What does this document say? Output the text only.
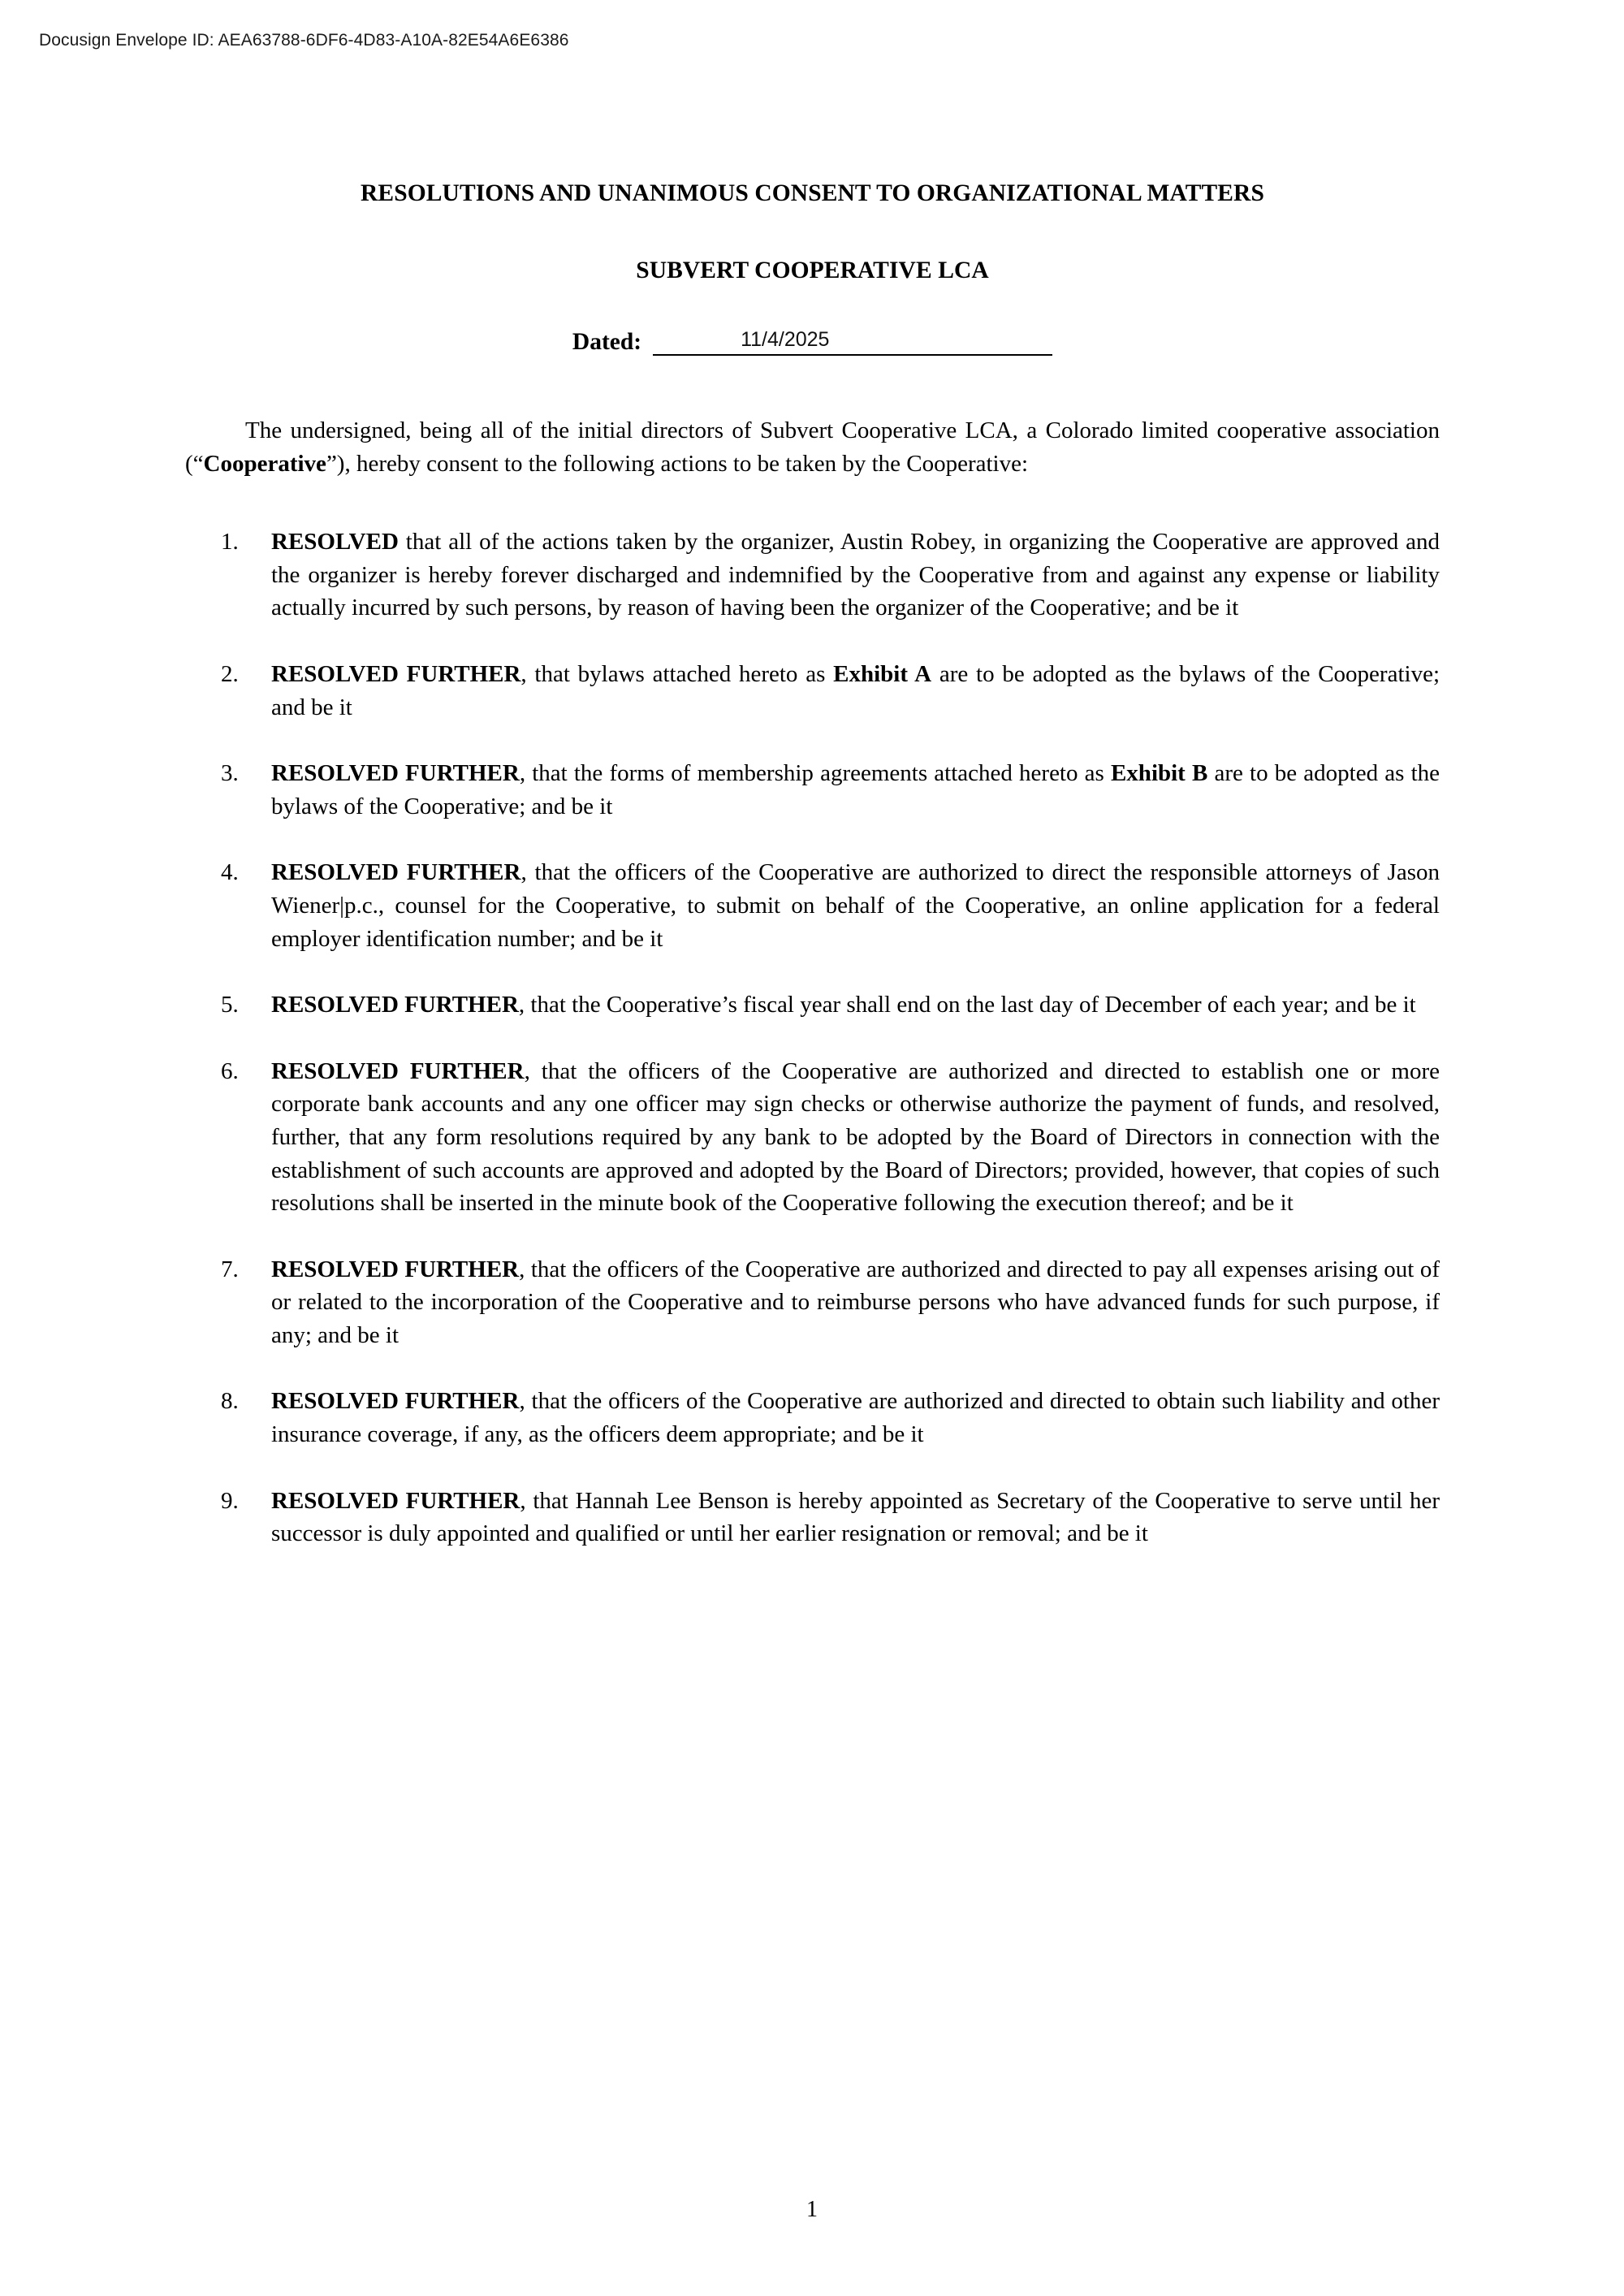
Docusign Envelope ID: AEA63788-6DF6-4D83-A10A-82E54A6E6386
RESOLUTIONS AND UNANIMOUS CONSENT TO ORGANIZATIONAL MATTERS
SUBVERT COOPERATIVE LCA
Dated:	11/4/2025

The undersigned, being all of the initial directors of Subvert Cooperative LCA, a Colorado limited cooperative association (“Cooperative”), hereby consent to the following actions to be taken by the Cooperative:

1.	RESOLVED that all of the actions taken by the organizer, Austin Robey, in organizing the Cooperative are approved and the organizer is hereby forever discharged and indemnified by the Cooperative from and against any expense or liability actually incurred by such persons, by reason of having been the organizer of the Cooperative; and be it
2.	RESOLVED FURTHER, that bylaws attached hereto as Exhibit A are to be adopted as the bylaws of the Cooperative; and be it
3.	RESOLVED FURTHER, that the forms of membership agreements attached hereto as Exhibit B are to be adopted as the bylaws of the Cooperative; and be it
4.	RESOLVED FURTHER, that the officers of the Cooperative are authorized to direct the responsible attorneys of Jason Wiener|p.c., counsel for the Cooperative, to submit on behalf of the Cooperative, an online application for a federal employer identification number; and be it
5.	RESOLVED FURTHER, that the Cooperative’s fiscal year shall end on the last day of December of each year; and be it
6.	RESOLVED FURTHER, that the officers of the Cooperative are authorized and directed to establish one or more corporate bank accounts and any one officer may sign checks or otherwise authorize the payment of funds, and resolved, further, that any form resolutions required by any bank to be adopted by the Board of Directors in connection with the establishment of such accounts are approved and adopted by the Board of Directors; provided, however, that copies of such resolutions shall be inserted in the minute book of the Cooperative following the execution thereof; and be it
7.	RESOLVED FURTHER, that the officers of the Cooperative are authorized and directed to pay all expenses arising out of or related to the incorporation of the Cooperative and to reimburse persons who have advanced funds for such purpose, if any; and be it
8.	RESOLVED FURTHER, that the officers of the Cooperative are authorized and directed to obtain such liability and other insurance coverage, if any, as the officers deem appropriate; and be it
9.	RESOLVED FURTHER, that Hannah Lee Benson is hereby appointed as Secretary of the Cooperative to serve until her successor is duly appointed and qualified or until her earlier resignation or removal; and be it
1
